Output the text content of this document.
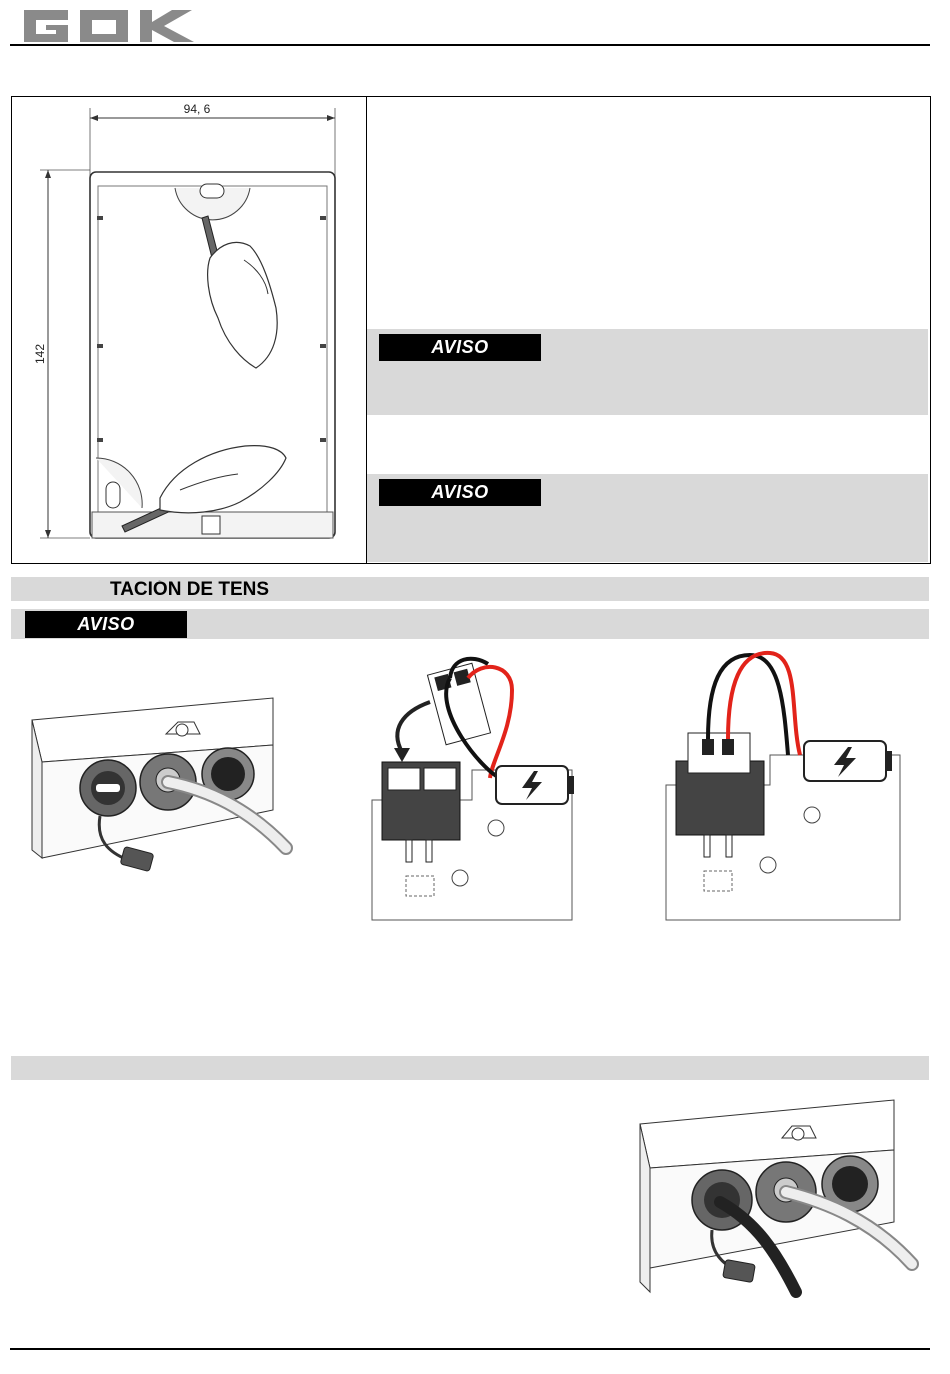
GOK
94, 6
142	AVISO
AVISO
TACIÓN DE TENS
AVISO
